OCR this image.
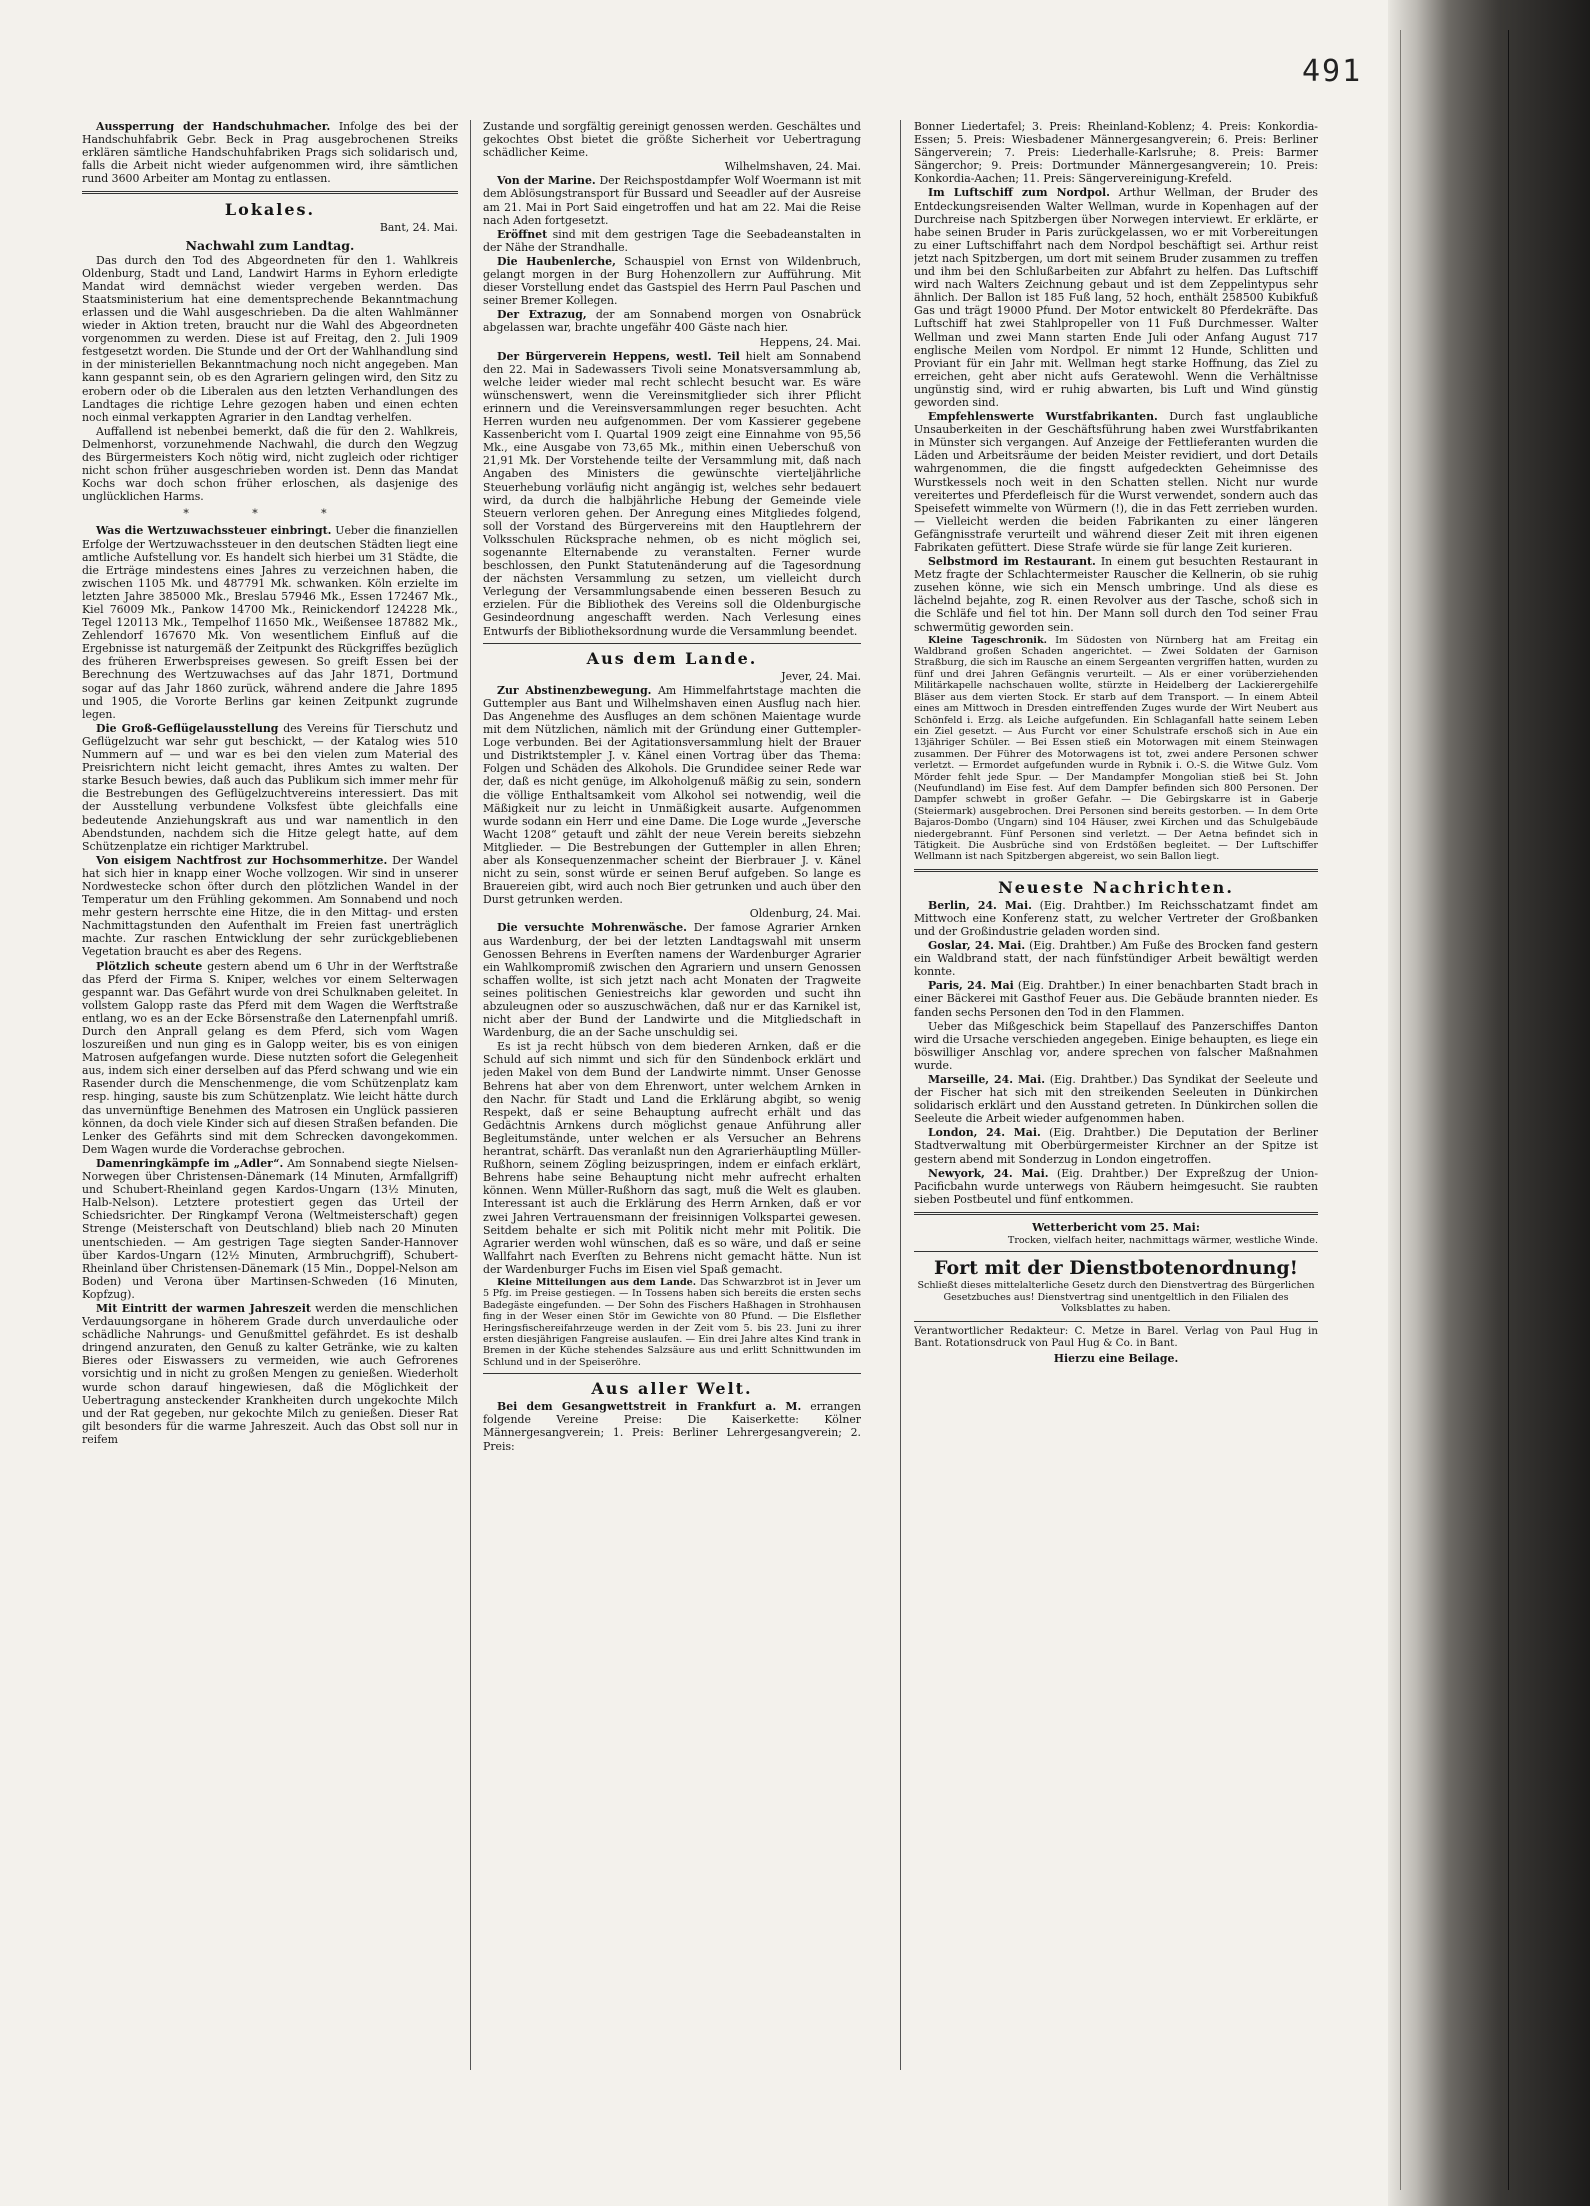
491

Aussperrung der Handschuhmacher. Infolge des bei der Handschuhfabrik Gebr. Beck in Prag ausgebrochenen Streiks erklären sämtliche Handschuhfabriken Prags sich solidarisch und, falls die Arbeit nicht wieder aufgenommen wird, ihre sämtlichen rund 3600 Arbeiter am Montag zu entlassen.

Lokales.
Bant, 24. Mai.
Nachwahl zum Landtag.

Das durch den Tod des Abgeordneten für den 1. Wahlkreis Oldenburg, Stadt und Land, Landwirt Harms in Eyhorn erledigte Mandat wird demnächst wieder vergeben werden. Das Staatsministerium hat eine dementsprechende Bekanntmachung erlassen und die Wahl ausgeschrieben. Da die alten Wahlmänner wieder in Aktion treten, braucht nur die Wahl des Abgeordneten vorgenommen zu werden. Diese ist auf Freitag, den 2. Juli 1909 festgesetzt worden. Die Stunde und der Ort der Wahlhandlung sind in der ministeriellen Bekanntmachung noch nicht angegeben. Man kann gespannt sein, ob es den Agrariern gelingen wird, den Sitz zu erobern oder ob die Liberalen aus den letzten Verhandlungen des Landtages die richtige Lehre gezogen haben und einen echten noch einmal verkappten Agrarier in den Landtag verhelfen.

Auffallend ist nebenbei bemerkt, daß die für den 2. Wahlkreis, Delmenhorst, vorzunehmende Nachwahl, die durch den Wegzug des Bürgermeisters Koch nötig wird, nicht zugleich oder richtiger nicht schon früher ausgeschrieben worden ist. Denn das Mandat Kochs war doch schon früher erloschen, als dasjenige des unglücklichen Harms.

* * *

Was die Wertzuwachssteuer einbringt. Ueber die finanziellen Erfolge der Wertzuwachssteuer in den deutschen Städten liegt eine amtliche Aufstellung vor. Es handelt sich hierbei um 31 Städte, die die Erträge mindestens eines Jahres zu verzeichnen haben, die zwischen 1105 Mk. und 487791 Mk. schwanken. Köln erzielte im letzten Jahre 385000 Mk., Breslau 57946 Mk., Essen 172467 Mk., Kiel 76009 Mk., Pankow 14700 Mk., Reinickendorf 124228 Mk., Tegel 120113 Mk., Tempelhof 11650 Mk., Weißensee 187882 Mk., Zehlendorf 167670 Mk. Von wesentlichem Einfluß auf die Ergebnisse ist naturgemäß der Zeitpunkt des Rückgriffes bezüglich des früheren Erwerbspreises gewesen. So greift Essen bei der Berechnung des Wertzuwachses auf das Jahr 1871, Dortmund sogar auf das Jahr 1860 zurück, während andere die Jahre 1895 und 1905, die Vororte Berlins gar keinen Zeitpunkt zugrunde legen.

Die Groß-Geflügelausstellung des Vereins für Tierschutz und Geflügelzucht war sehr gut beschickt, — der Katalog wies 510 Nummern auf — und war es bei den vielen zum Material des Preisrichtern nicht leicht gemacht, ihres Amtes zu walten. Der starke Besuch bewies, daß auch das Publikum sich immer mehr für die Bestrebungen des Geflügelzuchtvereins interessiert. Das mit der Ausstellung verbundene Volksfest übte gleichfalls eine bedeutende Anziehungskraft aus und war namentlich in den Abendstunden, nachdem sich die Hitze gelegt hatte, auf dem Schützenplatze ein richtiger Marktrubel.

Von eisigem Nachtfrost zur Hochsommerhitze. Der Wandel hat sich hier in knapp einer Woche vollzogen. Wir sind in unserer Nordwestecke schon öfter durch den plötzlichen Wandel in der Temperatur um den Frühling gekommen. Am Sonnabend und noch mehr gestern herrschte eine Hitze, die in den Mittag- und ersten Nachmittagstunden den Aufenthalt im Freien fast unerträglich machte. Zur raschen Entwicklung der sehr zurückgebliebenen Vegetation braucht es aber des Regens.

Plötzlich scheute gestern abend um 6 Uhr in der Werftstraße das Pferd der Firma S. Kniper, welches vor einem Selterwagen gespannt war. Das Gefährt wurde von drei Schulknaben geleitet. In vollstem Galopp raste das Pferd mit dem Wagen die Werftstraße entlang, wo es an der Ecke Börsenstraße den Laternenpfahl umriß. Durch den Anprall gelang es dem Pferd, sich vom Wagen loszureißen und nun ging es in Galopp weiter, bis es von einigen Matrosen aufgefangen wurde. Diese nutzten sofort die Gelegenheit aus, indem sich einer derselben auf das Pferd schwang und wie ein Rasender durch die Menschenmenge, die vom Schützenplatz kam resp. hinging, sauste bis zum Schützenplatz. Wie leicht hätte durch das unvernünftige Benehmen des Matrosen ein Unglück passieren können, da doch viele Kinder sich auf diesen Straßen befanden. Die Lenker des Gefährts sind mit dem Schrecken davongekommen. Dem Wagen wurde die Vorderachse gebrochen.

Damenringkämpfe im „Adler“. Am Sonnabend siegte Nielsen-Norwegen über Christensen-Dänemark (14 Minuten, Armfallgriff) und Schubert-Rheinland gegen Kardos-Ungarn (13½ Minuten, Halb-Nelson). Letztere protestiert gegen das Urteil der Schiedsrichter. Der Ringkampf Verona (Weltmeisterschaft) gegen Strenge (Meisterschaft von Deutschland) blieb nach 20 Minuten unentschieden. — Am gestrigen Tage siegten Sander-Hannover über Kardos-Ungarn (12½ Minuten, Armbruchgriff), Schubert-Rheinland über Christensen-Dänemark (15 Min., Doppel-Nelson am Boden) und Verona über Martinsen-Schweden (16 Minuten, Kopfzug).

Mit Eintritt der warmen Jahreszeit werden die menschlichen Verdauungsorgane in höherem Grade durch unverdauliche oder schädliche Nahrungs- und Genußmittel gefährdet. Es ist deshalb dringend anzuraten, den Genuß zu kalter Getränke, wie zu kalten Bieres oder Eiswassers zu vermeiden, wie auch Gefrorenes vorsichtig und in nicht zu großen Mengen zu genießen. Wiederholt wurde schon darauf hingewiesen, daß die Möglichkeit der Uebertragung ansteckender Krankheiten durch ungekochte Milch und der Rat gegeben, nur gekochte Milch zu genießen. Dieser Rat gilt besonders für die warme Jahreszeit. Auch das Obst soll nur in reifem

Zustande und sorgfältig gereinigt genossen werden. Geschältes und gekochtes Obst bietet die größte Sicherheit vor Uebertragung schädlicher Keime.

Wilhelmshaven, 24. Mai.

Von der Marine. Der Reichspostdampfer Wolf Woermann ist mit dem Ablösungstransport für Bussard und Seeadler auf der Ausreise am 21. Mai in Port Said eingetroffen und hat am 22. Mai die Reise nach Aden fortgesetzt.

Eröffnet sind mit dem gestrigen Tage die Seebadeanstalten in der Nähe der Strandhalle.

Die Haubenlerche, Schauspiel von Ernst von Wildenbruch, gelangt morgen in der Burg Hohenzollern zur Aufführung. Mit dieser Vorstellung endet das Gastspiel des Herrn Paul Paschen und seiner Bremer Kollegen.

Der Extrazug, der am Sonnabend morgen von Osnabrück abgelassen war, brachte ungefähr 400 Gäste nach hier.

Heppens, 24. Mai.

Der Bürgerverein Heppens, westl. Teil hielt am Sonnabend den 22. Mai in Sadewassers Tivoli seine Monatsversammlung ab, welche leider wieder mal recht schlecht besucht war. Es wäre wünschenswert, wenn die Vereinsmitglieder sich ihrer Pflicht erinnern und die Vereinsversammlungen reger besuchten. Acht Herren wurden neu aufgenommen. Der vom Kassierer gegebene Kassenbericht vom I. Quartal 1909 zeigt eine Einnahme von 95,56 Mk., eine Ausgabe von 73,65 Mk., mithin einen Ueberschuß von 21,91 Mk. Der Vorstehende teilte der Versammlung mit, daß nach Angaben des Ministers die gewünschte vierteljährliche Steuerhebung vorläufig nicht angängig ist, welches sehr bedauert wird, da durch die halbjährliche Hebung der Gemeinde viele Steuern verloren gehen. Der Anregung eines Mitgliedes folgend, soll der Vorstand des Bürgervereins mit den Hauptlehrern der Volksschulen Rücksprache nehmen, ob es nicht möglich sei, sogenannte Elternabende zu veranstalten. Ferner wurde beschlossen, den Punkt Statutenänderung auf die Tagesordnung der nächsten Versammlung zu setzen, um vielleicht durch Verlegung der Versammlungsabende einen besseren Besuch zu erzielen. Für die Bibliothek des Vereins soll die Oldenburgische Gesindeordnung angeschafft werden. Nach Verlesung eines Entwurfs der Bibliotheksordnung wurde die Versammlung beendet.

Aus dem Lande.
Jever, 24. Mai.

Zur Abstinenzbewegung. Am Himmelfahrtstage machten die Guttempler aus Bant und Wilhelmshaven einen Ausflug nach hier. Das Angenehme des Ausfluges an dem schönen Maientage wurde mit dem Nützlichen, nämlich mit der Gründung einer Guttempler-Loge verbunden. Bei der Agitationsversammlung hielt der Brauer und Distriktstempler J. v. Känel einen Vortrag über das Thema: Folgen und Schäden des Alkohols. Die Grundidee seiner Rede war der, daß es nicht genüge, im Alkoholgenuß mäßig zu sein, sondern die völlige Enthaltsamkeit vom Alkohol sei notwendig, weil die Mäßigkeit nur zu leicht in Unmäßigkeit ausarte. Aufgenommen wurde sodann ein Herr und eine Dame. Die Loge wurde „Jeversche Wacht 1208“ getauft und zählt der neue Verein bereits siebzehn Mitglieder. — Die Bestrebungen der Guttempler in allen Ehren; aber als Konsequenzenmacher scheint der Bierbrauer J. v. Känel nicht zu sein, sonst würde er seinen Beruf aufgeben. So lange es Brauereien gibt, wird auch noch Bier getrunken und auch über den Durst getrunken werden.

Oldenburg, 24. Mai.

Die versuchte Mohrenwäsche. Der famose Agrarier Arnken aus Wardenburg, der bei der letzten Landtagswahl mit unserm Genossen Behrens in Everſten namens der Wardenburger Agrarier ein Wahlkompromiß zwischen den Agrariern und unsern Genossen schaffen wollte, ist sich jetzt nach acht Monaten der Tragweite seines politischen Geniestreichs klar geworden und sucht ihn abzuleugnen oder so auszuschwächen, daß nur er das Karnikel ist, nicht aber der Bund der Landwirte und die Mitgliedschaft in Wardenburg, die an der Sache unschuldig sei.

Es ist ja recht hübsch von dem biederen Arnken, daß er die Schuld auf sich nimmt und sich für den Sündenbock erklärt und jeden Makel von dem Bund der Landwirte nimmt. Unser Genosse Behrens hat aber von dem Ehrenwort, unter welchem Arnken in den Nachr. für Stadt und Land die Erklärung abgibt, so wenig Respekt, daß er seine Behauptung aufrecht erhält und das Gedächtnis Arnkens durch möglichst genaue Anführung aller Begleitumstände, unter welchen er als Versucher an Behrens herantrat, schärft. Das veranlaßt nun den Agrarierhäuptling Müller-Rußhorn, seinem Zögling beizuspringen, indem er einfach erklärt, Behrens habe seine Behauptung nicht mehr aufrecht erhalten können. Wenn Müller-Rußhorn das sagt, muß die Welt es glauben. Interessant ist auch die Erklärung des Herrn Arnken, daß er vor zwei Jahren Vertrauensmann der freisinnigen Volkspartei gewesen. Seitdem behalte er sich mit Politik nicht mehr mit Politik. Die Agrarier werden wohl wünschen, daß es so wäre, und daß er seine Wallfahrt nach Everſten zu Behrens nicht gemacht hätte. Nun ist der Wardenburger Fuchs im Eisen viel Spaß gemacht.

Kleine Mitteilungen aus dem Lande. Das Schwarzbrot ist in Jever um 5 Pfg. im Preise gestiegen. — In Tossens haben sich bereits die ersten sechs Badegäste eingefunden. — Der Sohn des Fischers Haßhagen in Strohhausen fing in der Weser einen Stör im Gewichte von 80 Pfund. — Die Elsflether Heringsfischereifahrzeuge werden in der Zeit vom 5. bis 23. Juni zu ihrer ersten diesjährigen Fangreise auslaufen. — Ein drei Jahre altes Kind trank in Bremen in der Küche stehendes Salzsäure aus und erlitt Schnittwunden im Schlund und in der Speiseröhre.

Aus aller Welt.

Bei dem Gesangwettstreit in Frankfurt a. M. errangen folgende Vereine Preise: Die Kaiserkette: Kölner Männergesangverein; 1. Preis: Berliner Lehrergesangverein; 2. Preis:

Bonner Liedertafel; 3. Preis: Rheinland-Koblenz; 4. Preis: Konkordia-Essen; 5. Preis: Wiesbadener Männergesangverein; 6. Preis: Berliner Sängerverein; 7. Preis: Liederhalle-Karlsruhe; 8. Preis: Barmer Sängerchor; 9. Preis: Dortmunder Männergesangverein; 10. Preis: Konkordia-Aachen; 11. Preis: Sängervereinigung-Krefeld.

Im Luftschiff zum Nordpol. Arthur Wellman, der Bruder des Entdeckungsreisenden Walter Wellman, wurde in Kopenhagen auf der Durchreise nach Spitzbergen über Norwegen interviewt. Er erklärte, er habe seinen Bruder in Paris zurückgelassen, wo er mit Vorbereitungen zu einer Luftschiffahrt nach dem Nordpol beschäftigt sei. Arthur reist jetzt nach Spitzbergen, um dort mit seinem Bruder zusammen zu treffen und ihm bei den Schlußarbeiten zur Abfahrt zu helfen. Das Luftschiff wird nach Walters Zeichnung gebaut und ist dem Zeppelintypus sehr ähnlich. Der Ballon ist 185 Fuß lang, 52 hoch, enthält 258500 Kubikfuß Gas und trägt 19000 Pfund. Der Motor entwickelt 80 Pferdekräfte. Das Luftschiff hat zwei Stahlpropeller von 11 Fuß Durchmesser. Walter Wellman und zwei Mann starten Ende Juli oder Anfang August 717 englische Meilen vom Nordpol. Er nimmt 12 Hunde, Schlitten und Proviant für ein Jahr mit. Wellman hegt starke Hoffnung, das Ziel zu erreichen, geht aber nicht aufs Geratewohl. Wenn die Verhältnisse ungünstig sind, wird er ruhig abwarten, bis Luft und Wind günstig geworden sind.

Empfehlenswerte Wurstfabrikanten. Durch fast unglaubliche Unsauberkeiten in der Geschäftsführung haben zwei Wurstfabrikanten in Münster sich vergangen. Auf Anzeige der Fettlieferanten wurden die Läden und Arbeitsräume der beiden Meister revidiert, und dort Details wahrgenommen, die die fingstt aufgedeckten Geheimnisse des Wurstkessels noch weit in den Schatten stellen. Nicht nur wurde vereitertes und Pferdefleisch für die Wurst verwendet, sondern auch das Speisefett wimmelte von Würmern (!), die in das Fett zerrieben wurden. — Vielleicht werden die beiden Fabrikanten zu einer längeren Gefängnisstrafe verurteilt und während dieser Zeit mit ihren eigenen Fabrikaten gefüttert. Diese Strafe würde sie für lange Zeit kurieren.

Selbstmord im Restaurant. In einem gut besuchten Restaurant in Metz fragte der Schlachtermeister Rauscher die Kellnerin, ob sie ruhig zusehen könne, wie sich ein Mensch umbringe. Und als diese es lächelnd bejahte, zog R. einen Revolver aus der Tasche, schoß sich in die Schläfe und fiel tot hin. Der Mann soll durch den Tod seiner Frau schwermütig geworden sein.

Kleine Tageschronik. Im Südosten von Nürnberg hat am Freitag ein Waldbrand großen Schaden angerichtet. — Zwei Soldaten der Garnison Straßburg, die sich im Rausche an einem Sergeanten vergriffen hatten, wurden zu fünf und drei Jahren Gefängnis verurteilt. — Als er einer vorüberziehenden Militärkapelle nachschauen wollte, stürzte in Heidelberg der Lackierergehilfe Bläser aus dem vierten Stock. Er starb auf dem Transport. — In einem Abteil eines am Mittwoch in Dresden eintreffenden Zuges wurde der Wirt Neubert aus Schönfeld i. Erzg. als Leiche aufgefunden. Ein Schlaganfall hatte seinem Leben ein Ziel gesetzt. — Aus Furcht vor einer Schulstrafe erschoß sich in Aue ein 13jähriger Schüler. — Bei Essen stieß ein Motorwagen mit einem Steinwagen zusammen. Der Führer des Motorwagens ist tot, zwei andere Personen schwer verletzt. — Ermordet aufgefunden wurde in Rybnik i. O.-S. die Witwe Gulz. Vom Mörder fehlt jede Spur. — Der Mandampfer Mongolian stieß bei St. John (Neufundland) im Eise fest. Auf dem Dampfer befinden sich 800 Personen. Der Dampfer schwebt in großer Gefahr. — Die Gebirgskarre ist in Gaberje (Steiermark) ausgebrochen. Drei Personen sind bereits gestorben. — In dem Orte Bajaros-Dombo (Ungarn) sind 104 Häuser, zwei Kirchen und das Schulgebäude niedergebrannt. Fünf Personen sind verletzt. — Der Aetna befindet sich in Tätigkeit. Die Ausbrüche sind von Erdstößen begleitet. — Der Luftschiffer Wellmann ist nach Spitzbergen abgereist, wo sein Ballon liegt.

Neueste Nachrichten.

Berlin, 24. Mai. (Eig. Drahtber.) Im Reichsschatzamt findet am Mittwoch eine Konferenz statt, zu welcher Vertreter der Großbanken und der Großindustrie geladen worden sind.

Goslar, 24. Mai. (Eig. Drahtber.) Am Fuße des Brocken fand gestern ein Waldbrand statt, der nach fünfstündiger Arbeit bewältigt werden konnte.

Paris, 24. Mai (Eig. Drahtber.) In einer benachbarten Stadt brach in einer Bäckerei mit Gasthof Feuer aus. Die Gebäude brannten nieder. Es fanden sechs Personen den Tod in den Flammen.

Ueber das Mißgeschick beim Stapellauf des Panzerschiffes Danton wird die Ursache verschieden angegeben. Einige behaupten, es liege ein böswilliger Anschlag vor, andere sprechen von falscher Maßnahmen wurde.

Marseille, 24. Mai. (Eig. Drahtber.) Das Syndikat der Seeleute und der Fischer hat sich mit den streikenden Seeleuten in Dünkirchen solidarisch erklärt und den Ausstand getreten. In Dünkirchen sollen die Seeleute die Arbeit wieder aufgenommen haben.

London, 24. Mai. (Eig. Drahtber.) Die Deputation der Berliner Stadtverwaltung mit Oberbürgermeister Kirchner an der Spitze ist gestern abend mit Sonderzug in London eingetroffen.

Newyork, 24. Mai. (Eig. Drahtber.) Der Expreßzug der Union-Pacificbahn wurde unterwegs von Räubern heimgesucht. Sie raubten sieben Postbeutel und fünf entkommen.

Wetterbericht vom 25. Mai:

Trocken, vielfach heiter, nachmittags wärmer, westliche Winde.

Fort mit der Dienstbotenordnung!

Schließt dieses mittelalterliche Gesetz durch den Dienstvertrag des Bürgerlichen Gesetzbuches aus! Dienstvertrag sind unentgeltlich in den Filialen des Volksblattes zu haben.

Verantwortlicher Redakteur: C. Metze in Barel. Verlag von Paul Hug in Bant. Rotationsdruck von Paul Hug & Co. in Bant.

Hierzu eine Beilage.
